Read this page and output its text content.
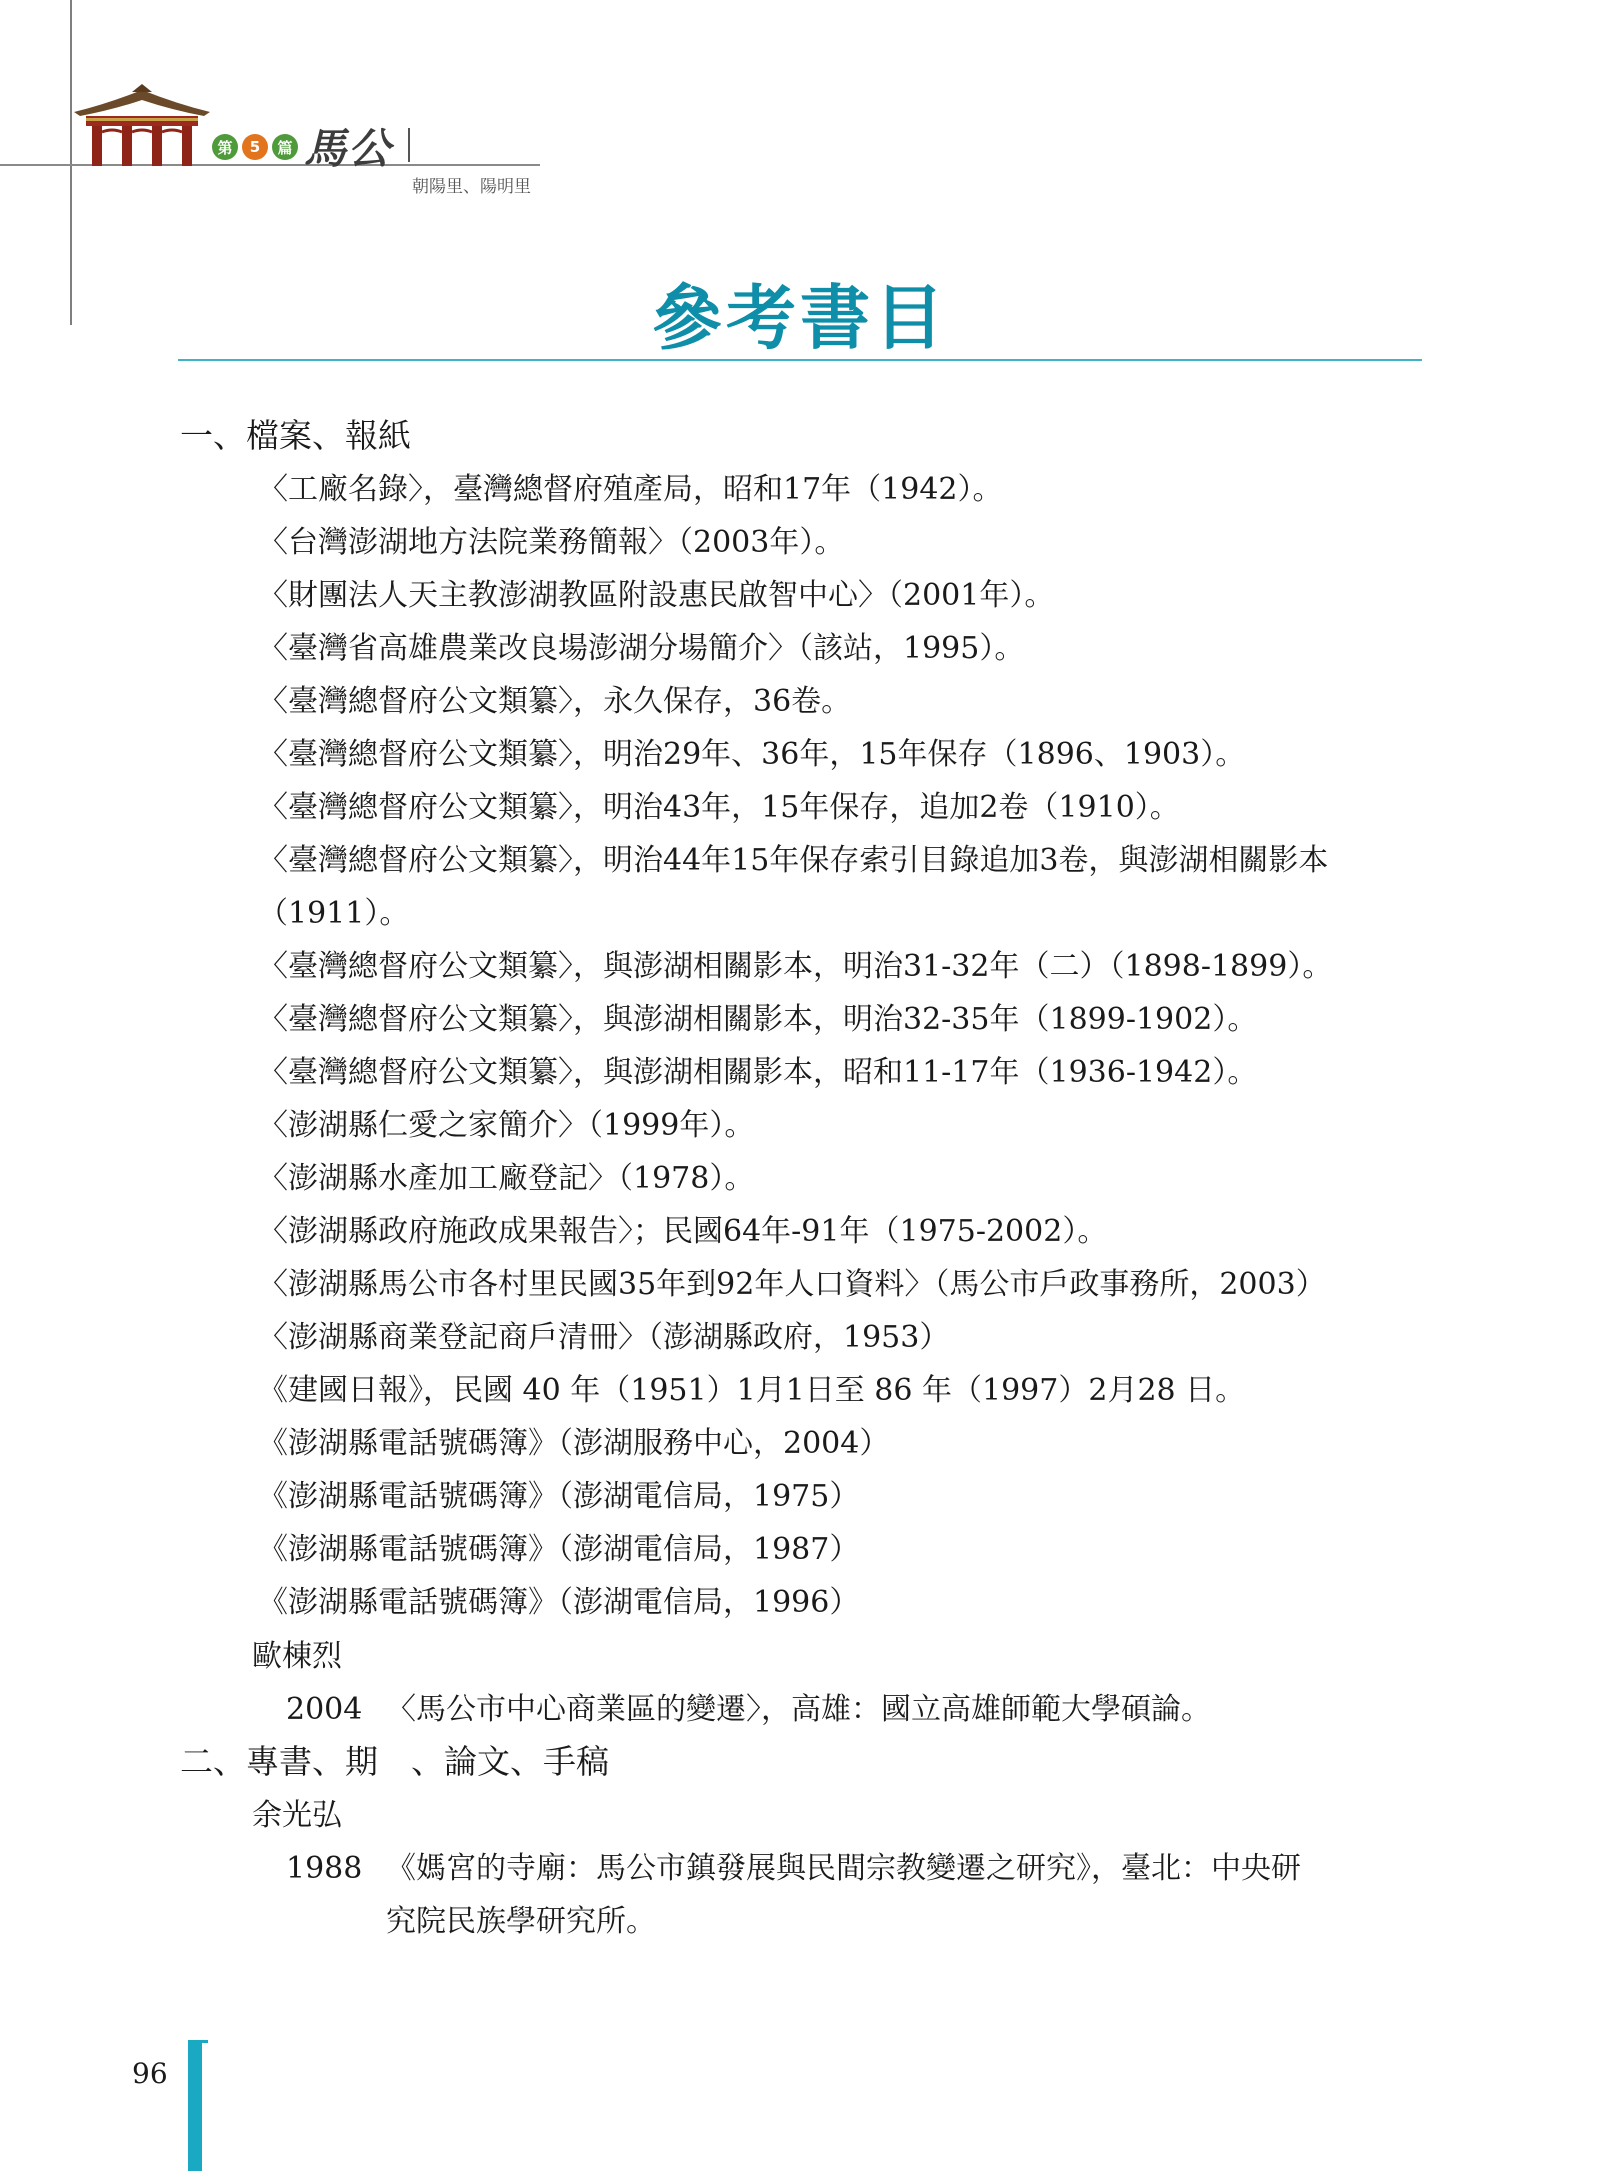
第	5	篇 馬公
朝陽里、陽明里
參考書目
一、檔案、報紙
〈工廠名錄〉，臺灣總督府殖產局，昭和17年（1942）。
〈台灣澎湖地方法院業務簡報〉（2003年）。
〈財團法人天主教澎湖教區附設惠民啟智中心〉（2001年）。
〈臺灣省高雄農業改良場澎湖分場簡介〉（該站，1995）。
〈臺灣總督府公文類纂〉，永久保存，36卷。
〈臺灣總督府公文類纂〉，明治29年、36年，15年保存（1896、1903）。
〈臺灣總督府公文類纂〉，明治43年，15年保存，追加2卷（1910）。
〈臺灣總督府公文類纂〉，明治44年15年保存索引目錄追加3卷，與澎湖相關影本
（1911）。
〈臺灣總督府公文類纂〉，與澎湖相關影本，明治31-32年（二）（1898-1899）。
〈臺灣總督府公文類纂〉，與澎湖相關影本，明治32-35年（1899-1902）。
〈臺灣總督府公文類纂〉，與澎湖相關影本，昭和11-17年（1936-1942）。
〈澎湖縣仁愛之家簡介〉（1999年）。
〈澎湖縣水產加工廠登記〉（1978）。
〈澎湖縣政府施政成果報告〉；民國64年-91年（1975-2002）。
〈澎湖縣馬公市各村里民國35年到92年人口資料〉（馬公市戶政事務所，2003）
〈澎湖縣商業登記商戶清冊〉（澎湖縣政府，1953）
《建國日報》，民國 40 年（1951）1月1日至 86 年（1997）2月28 日。
《澎湖縣電話號碼簿》（澎湖服務中心，2004）
《澎湖縣電話號碼簿》（澎湖電信局，1975）
《澎湖縣電話號碼簿》（澎湖電信局，1987）
《澎湖縣電話號碼簿》（澎湖電信局，1996）
歐棟烈
2004 〈馬公市中心商業區的變遷〉，高雄：國立高雄師範大學碩論。
二、專書、期　、論文、手稿
余光弘
1988 《媽宮的寺廟：馬公市鎮發展與民間宗教變遷之研究》，臺北：中央研
究院民族學研究所。
96
